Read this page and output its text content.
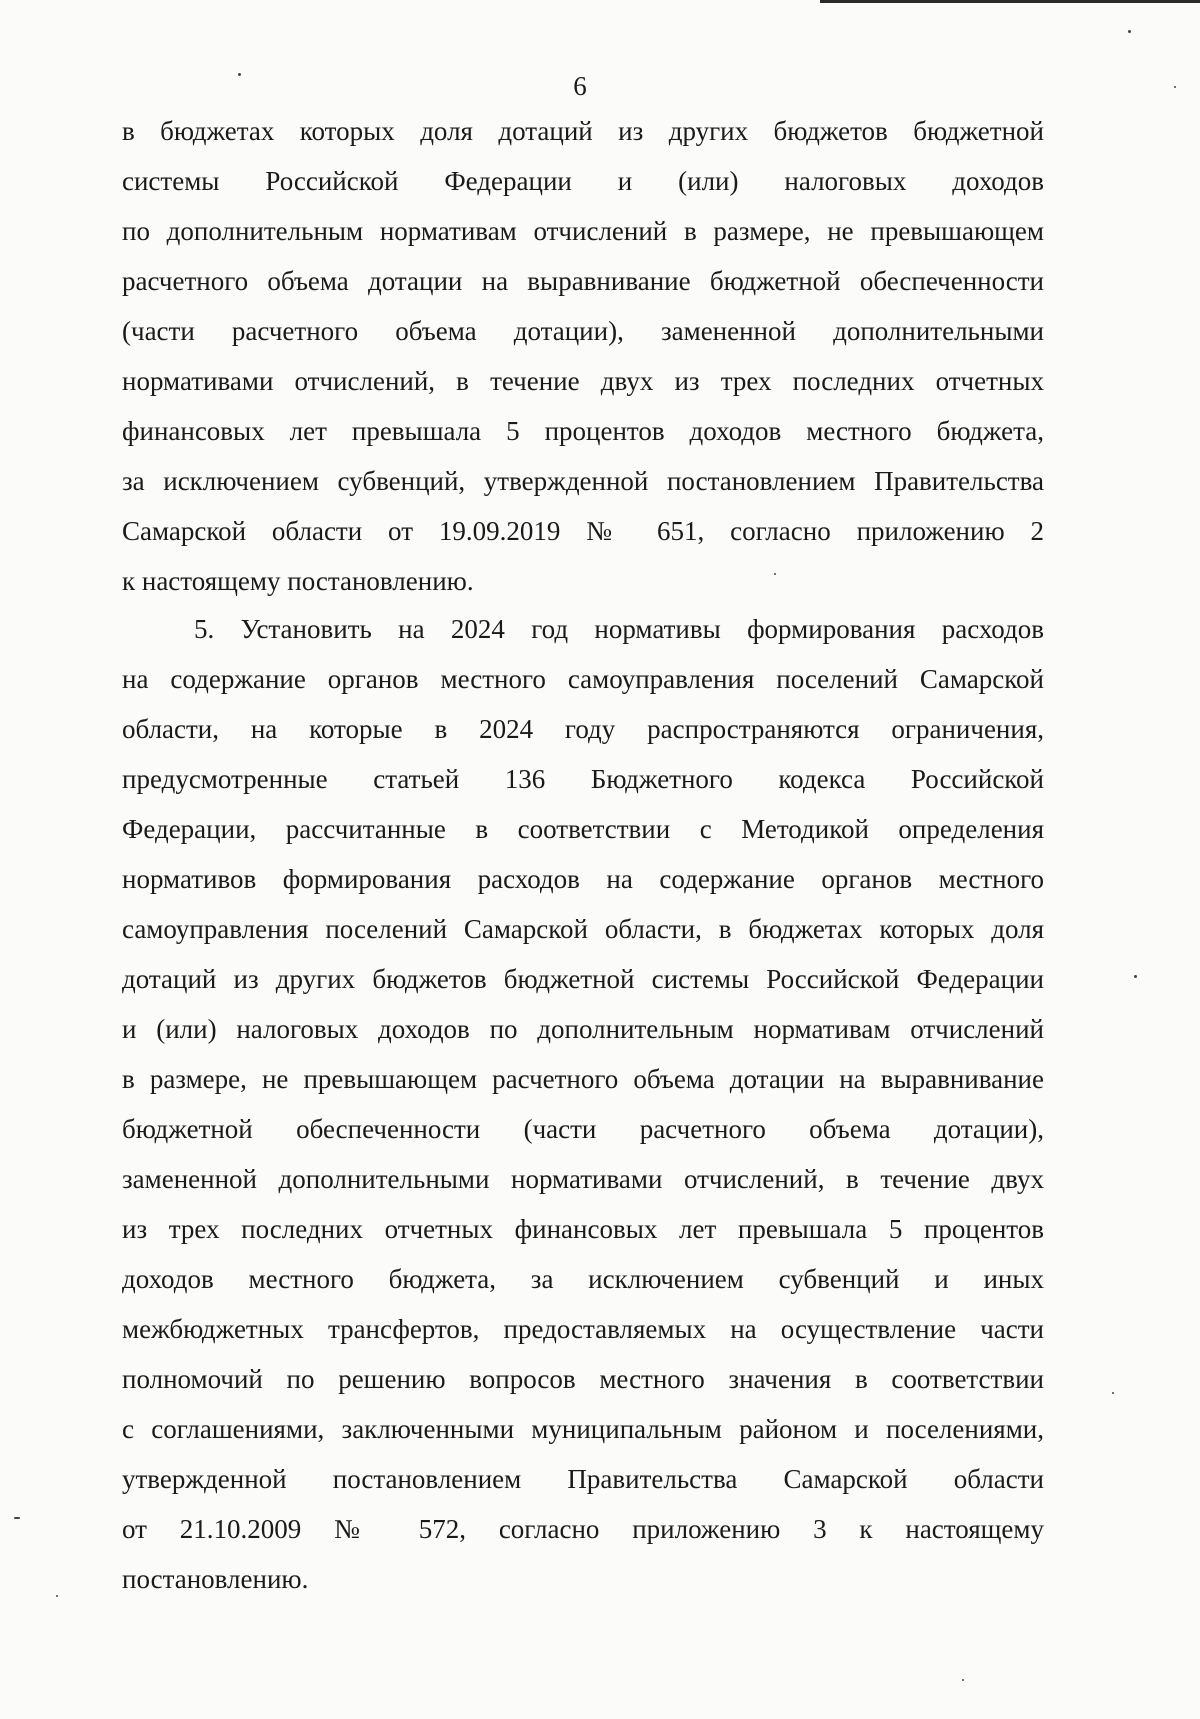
6
в бюджетах которых доля дотаций из других бюджетов бюджетной
системы Российской Федерации и (или) налоговых доходов
по дополнительным нормативам отчислений в размере, не превышающем
расчетного объема дотации на выравнивание бюджетной обеспеченности
(части расчетного объема дотации), замененной дополнительными
нормативами отчислений, в течение двух из трех последних отчетных
финансовых лет превышала 5 процентов доходов местного бюджета,
за исключением субвенций, утвержденной постановлением Правительства
Самарской области от 19.09.2019 № 651, согласно приложению 2
к настоящему постановлению.
5. Установить на 2024 год нормативы формирования расходов
на содержание органов местного самоуправления поселений Самарской
области, на которые в 2024 году распространяются ограничения,
предусмотренные статьей 136 Бюджетного кодекса Российской
Федерации, рассчитанные в соответствии с Методикой определения
нормативов формирования расходов на содержание органов местного
самоуправления поселений Самарской области, в бюджетах которых доля
дотаций из других бюджетов бюджетной системы Российской Федерации
и (или) налоговых доходов по дополнительным нормативам отчислений
в размере, не превышающем расчетного объема дотации на выравнивание
бюджетной обеспеченности (части расчетного объема дотации),
замененной дополнительными нормативами отчислений, в течение двух
из трех последних отчетных финансовых лет превышала 5 процентов
доходов местного бюджета, за исключением субвенций и иных
межбюджетных трансфертов, предоставляемых на осуществление части
полномочий по решению вопросов местного значения в соответствии
с соглашениями, заключенными муниципальным районом и поселениями,
утвержденной постановлением Правительства Самарской области
от 21.10.2009 № 572, согласно приложению 3 к настоящему
постановлению.
